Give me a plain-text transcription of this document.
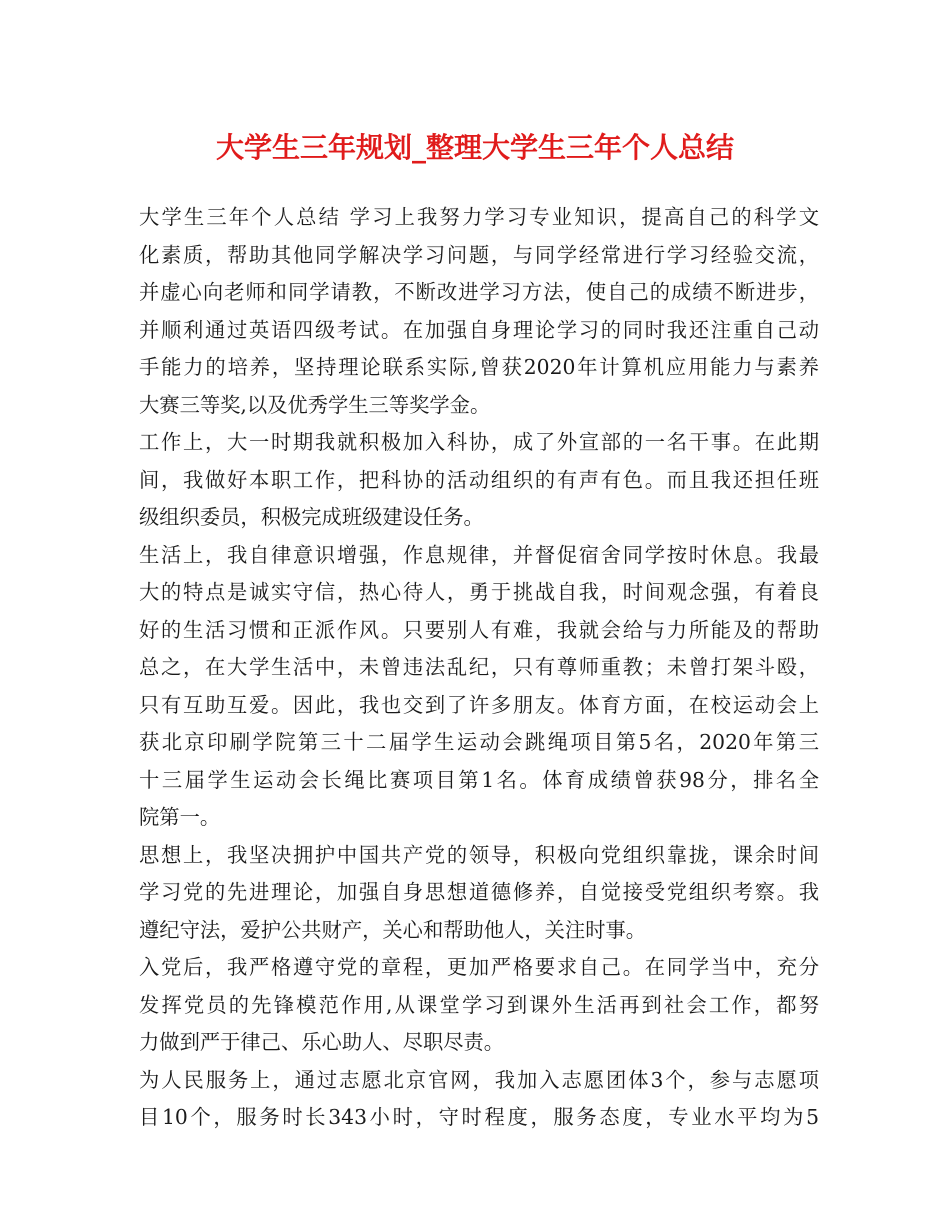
大学生三年规划_整理大学生三年个人总结
大学生三年个人总结 学习上我努力学习专业知识，提高自己的科学文
化素质，帮助其他同学解决学习问题，与同学经常进行学习经验交流，
并虚心向老师和同学请教，不断改进学习方法，使自己的成绩不断进步，
并顺利通过英语四级考试。在加强自身理论学习的同时我还注重自己动
手能力的培养，坚持理论联系实际,曾获2020年计算机应用能力与素养
大赛三等奖,以及优秀学生三等奖学金。
工作上，大一时期我就积极加入科协，成了外宣部的一名干事。在此期
间，我做好本职工作，把科协的活动组织的有声有色。而且我还担任班
级组织委员，积极完成班级建设任务。
生活上，我自律意识增强，作息规律，并督促宿舍同学按时休息。我最
大的特点是诚实守信，热心待人，勇于挑战自我，时间观念强，有着良
好的生活习惯和正派作风。只要别人有难，我就会给与力所能及的帮助
总之，在大学生活中，未曾违法乱纪，只有尊师重教；未曾打架斗殴，
只有互助互爱。因此，我也交到了许多朋友。体育方面，在校运动会上
获北京印刷学院第三十二届学生运动会跳绳项目第5名，2020年第三
十三届学生运动会长绳比赛项目第1名。体育成绩曾获98分，排名全
院第一。
思想上，我坚决拥护中国共产党的领导，积极向党组织靠拢，课余时间
学习党的先进理论，加强自身思想道德修养，自觉接受党组织考察。我
遵纪守法，爱护公共财产，关心和帮助他人，关注时事。
入党后，我严格遵守党的章程，更加严格要求自己。在同学当中，充分
发挥党员的先锋模范作用,从课堂学习到课外生活再到社会工作，都努
力做到严于律己、乐心助人、尽职尽责。
为人民服务上，通过志愿北京官网，我加入志愿团体3个，参与志愿项
目10个，服务时长343小时，守时程度，服务态度，专业水平均为5
